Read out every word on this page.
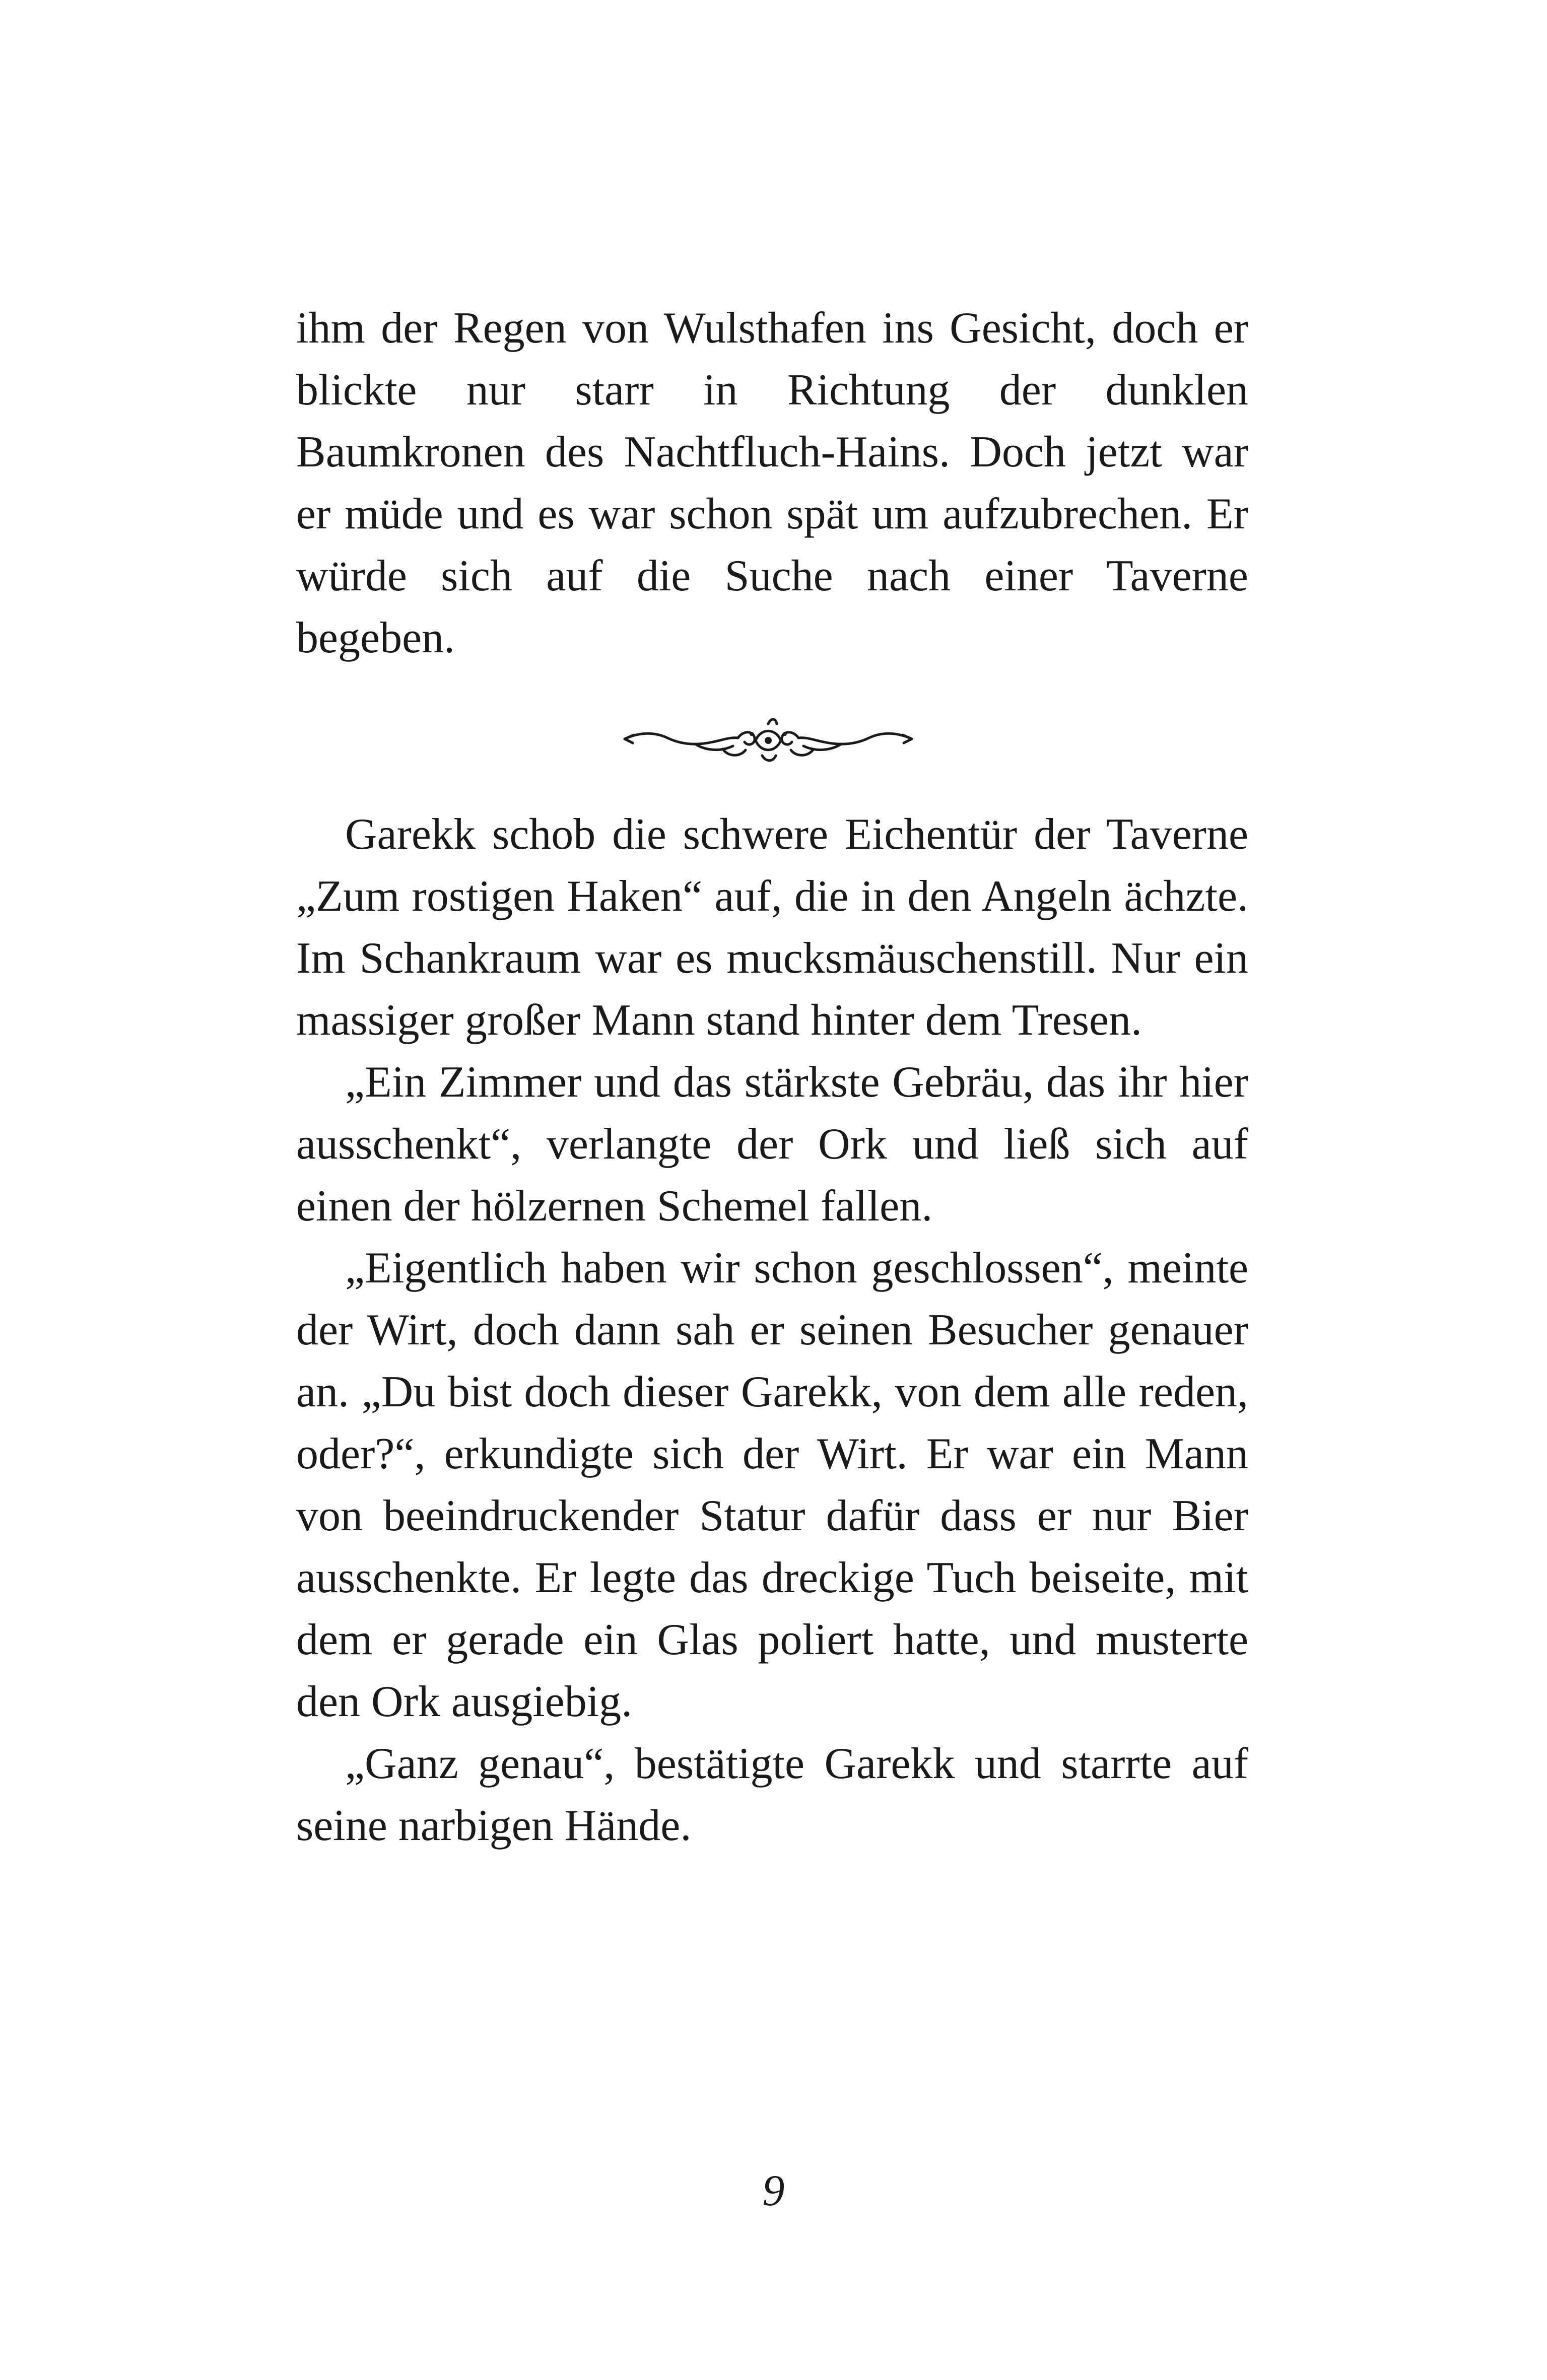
ihm der Regen von Wulsthafen ins Gesicht, doch er blickte nur starr in Richtung der dunklen Baumkronen des Nachtfluch-Hains. Doch jetzt war er müde und es war schon spät um aufzubrechen. Er würde sich auf die Suche nach einer Taverne begeben.

Garekk schob die schwere Eichentür der Taverne „Zum rostigen Haken“ auf, die in den Angeln ächzte. Im Schankraum war es mucksmäuschenstill. Nur ein massiger großer Mann stand hinter dem Tresen.

„Ein Zimmer und das stärkste Gebräu, das ihr hier ausschenkt“, verlangte der Ork und ließ sich auf einen der hölzernen Schemel fallen.

„Eigentlich haben wir schon geschlossen“, meinte der Wirt, doch dann sah er seinen Besucher genauer an. „Du bist doch dieser Garekk, von dem alle reden, oder?“, erkundigte sich der Wirt. Er war ein Mann von beeindruckender Statur dafür dass er nur Bier ausschenkte. Er legte das dreckige Tuch beiseite, mit dem er gerade ein Glas poliert hatte, und musterte den Ork ausgiebig.

„Ganz genau“, bestätigte Garekk und starrte auf seine narbigen Hände.

9
